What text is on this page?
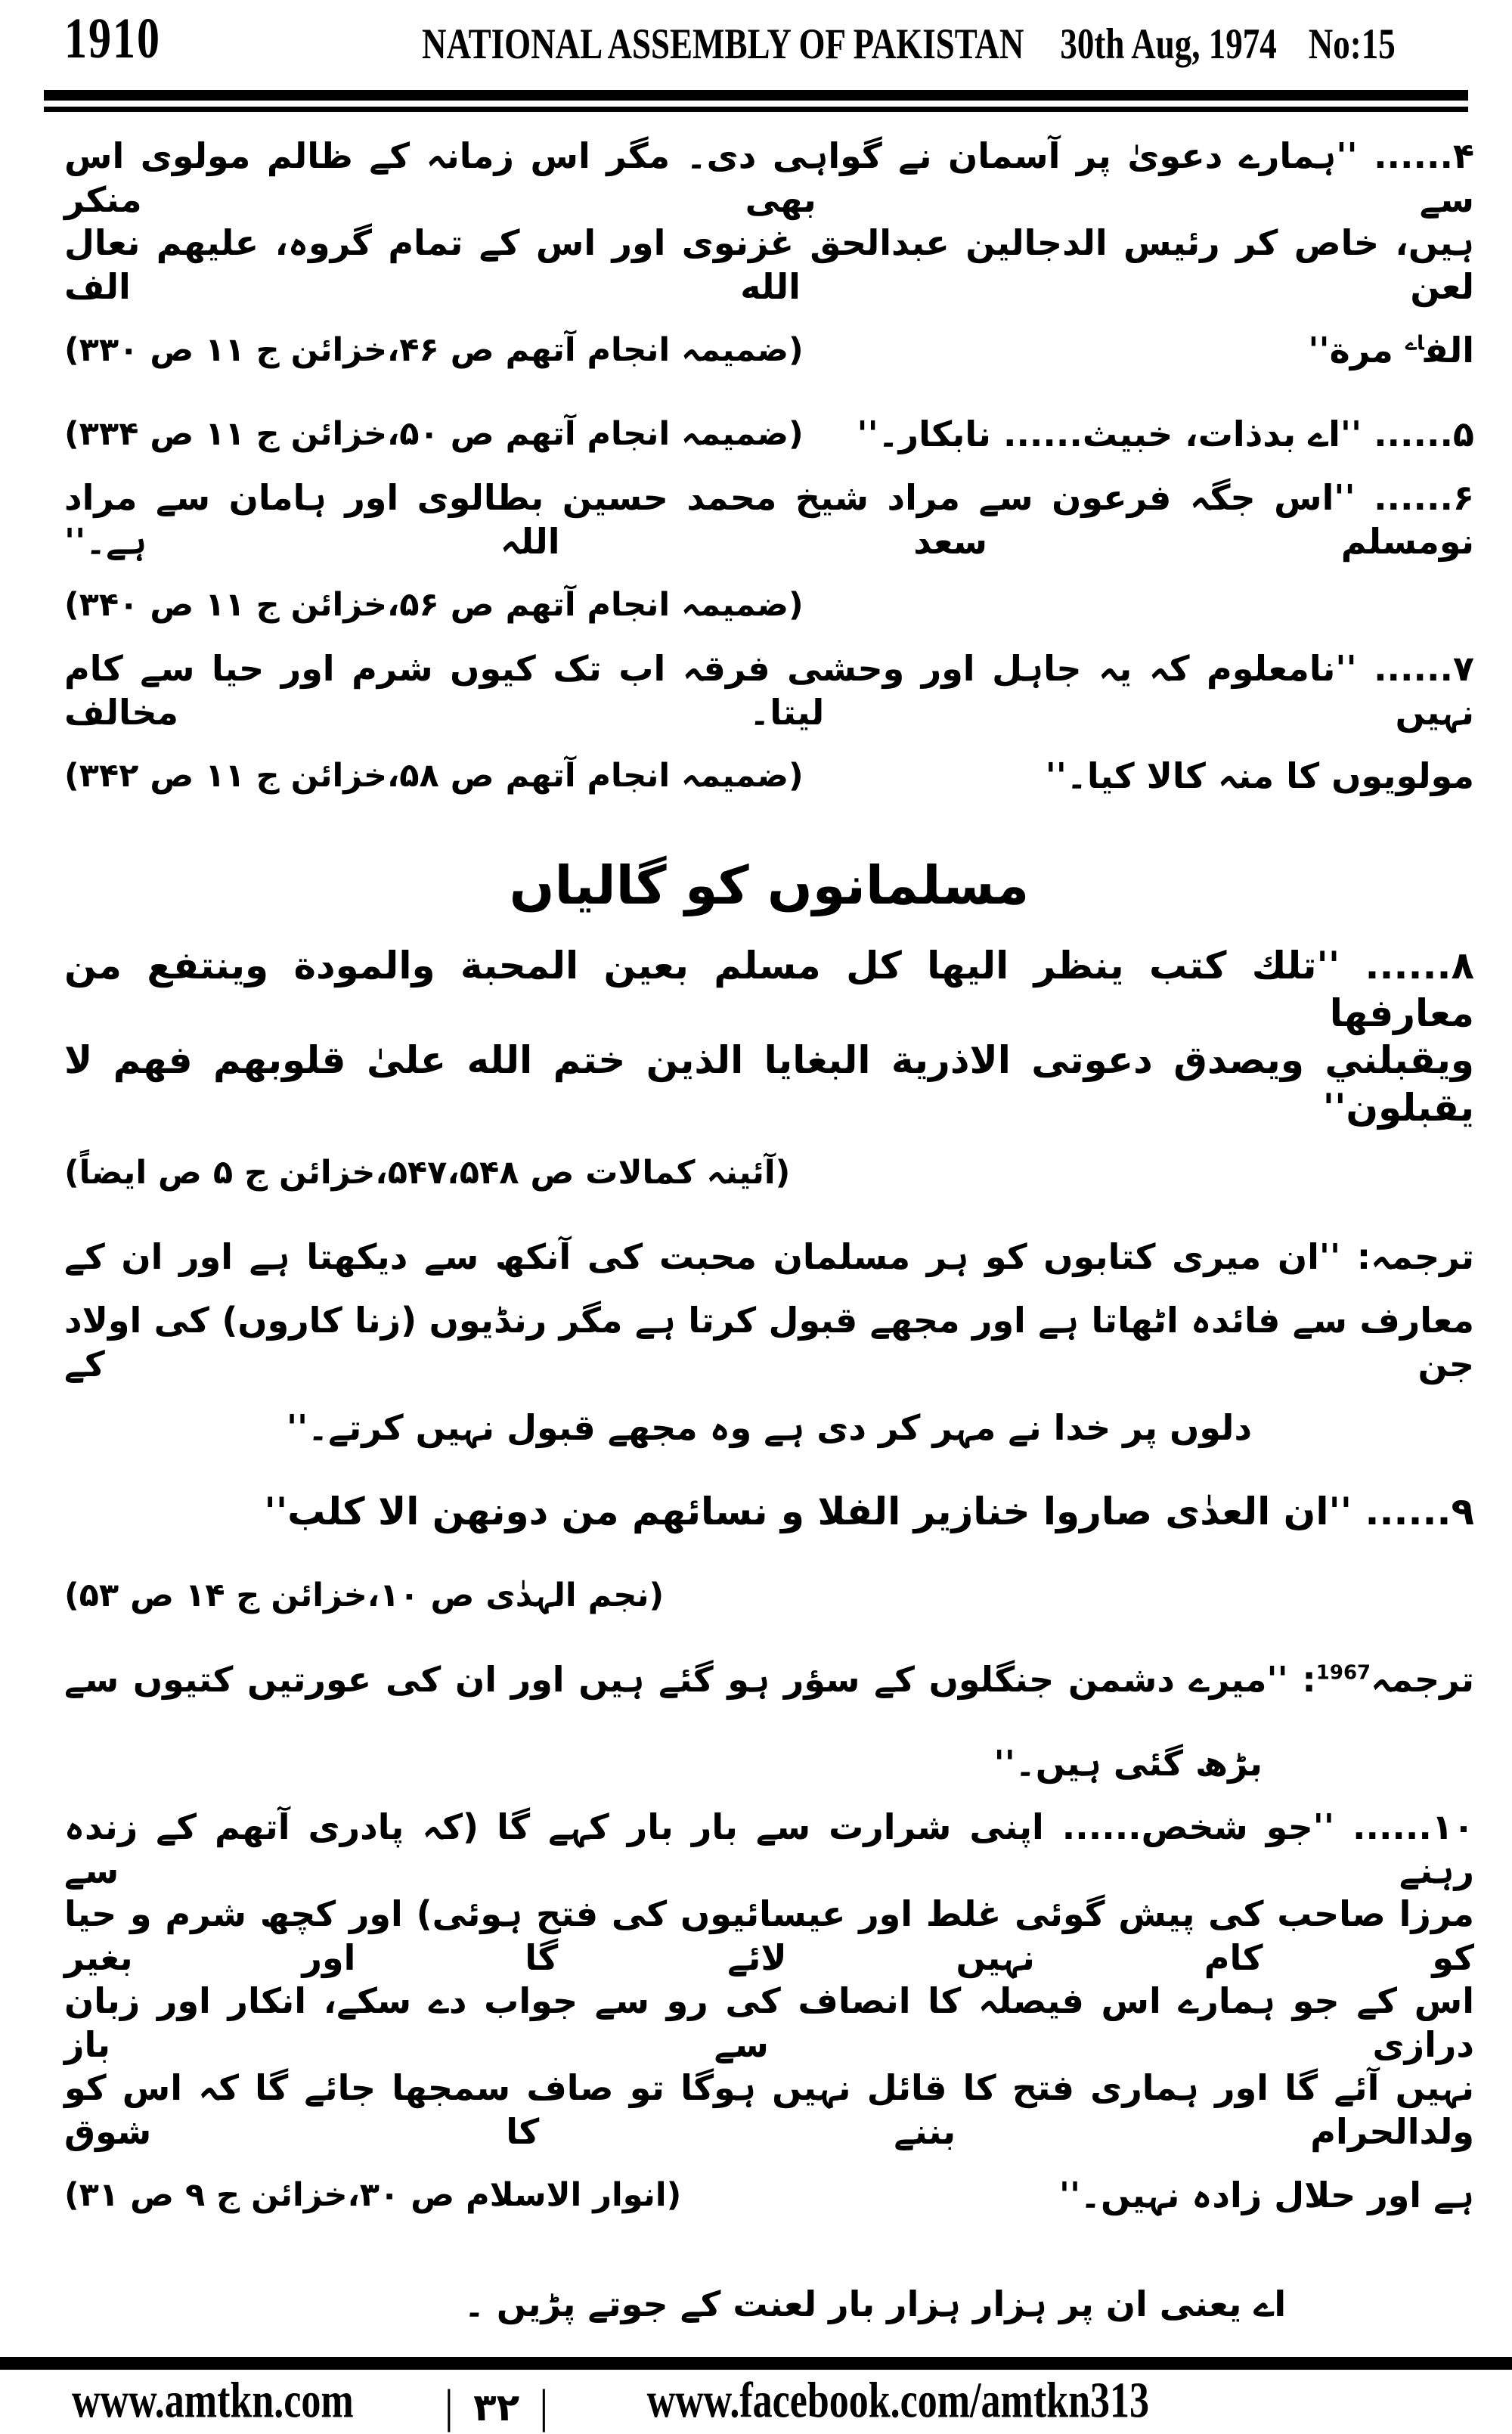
1910	NATIONAL ASSEMBLY OF PAKISTAN 30th Aug, 1974 No:15
۴...... ''ہمارے دعویٰ پر آسمان نے گواہی دی۔ مگر اس زمانہ کے ظالم مولوی اس سے بھی منکر
ہیں، خاص کر رئیس الدجالین عبدالحق غزنوی اور اس کے تمام گروہ، عليهم نعال لعن الله الف
الف$^{اے}$ مرة''
(ضمیمہ انجام آتھم ص ۴۶،خزائن ج ۱۱ ص ۳۳۰)
۵...... ''اے بدذات، خبیث...... نابکار۔''
(ضمیمہ انجام آتھم ص ۵۰،خزائن ج ۱۱ ص ۳۳۴)
۶...... ''اس جگہ فرعون سے مراد شیخ محمد حسین بطالوی اور ہامان سے مراد نومسلم سعد اللہ ہے۔''
(ضمیمہ انجام آتھم ص ۵۶،خزائن ج ۱۱ ص ۳۴۰)
۷...... ''نامعلوم کہ یہ جاہل اور وحشی فرقہ اب تک کیوں شرم اور حیا سے کام نہیں لیتا۔ مخالف
مولویوں کا منہ کالا کیا۔''
(ضمیمہ انجام آتھم ص ۵۸،خزائن ج ۱۱ ص ۳۴۲)
مسلمانوں کو گالیاں
۸...... ''تلك كتب ينظر اليها كل مسلم بعين المحبة والمودة وينتفع من معارفها
ويقبلني ويصدق دعوتى الاذرية البغايا الذين ختم الله علىٰ قلوبهم فهم لا يقبلون''
(آئینہ کمالات ص ۵۴۷،۵۴۸،خزائن ج ۵ ص ایضاً)
ترجمہ: ''ان میری کتابوں کو ہر مسلمان محبت کی آنکھ سے دیکھتا ہے اور ان کے
معارف سے فائدہ اٹھاتا ہے اور مجھے قبول کرتا ہے مگر رنڈیوں (زنا کاروں) کی اولاد جن کے
دلوں پر خدا نے مہر کر دی ہے وہ مجھے قبول نہیں کرتے۔''
۹...... ''ان العدٰى صاروا خنازير الفلا و نسائهم من دونهن الا كلب''
(نجم الہدٰی ص ۱۰،خزائن ج ۱۴ ص ۵۳)
ترجمہ$^{1967}$: ''میرے دشمن جنگلوں کے سؤر ہو گئے ہیں اور ان کی عورتیں کتیوں سے
بڑھ گئی ہیں۔''
۱۰...... ''جو شخص...... اپنی شرارت سے بار بار کہے گا (کہ پادری آتھم کے زندہ رہنے سے
مرزا صاحب کی پیش گوئی غلط اور عیسائیوں کی فتح ہوئی) اور کچھ شرم و حیا کو کام نہیں لائے گا اور بغیر
اس کے جو ہمارے اس فیصلہ کا انصاف کی رو سے جواب دے سکے، انکار اور زبان درازی سے باز
نہیں آئے گا اور ہماری فتح کا قائل نہیں ہوگا تو صاف سمجھا جائے گا کہ اس کو ولدالحرام بننے کا شوق
ہے اور حلال زادہ نہیں۔''
(انوار الاسلام ص ۳۰،خزائن ج ۹ ص ۳۱)
اے

یعنی ان پر ہزار ہزار بار لعنت کے جوتے پڑیں ۔
www.amtkn.com | ۳۲ |	www.facebook.com/amtkn313
